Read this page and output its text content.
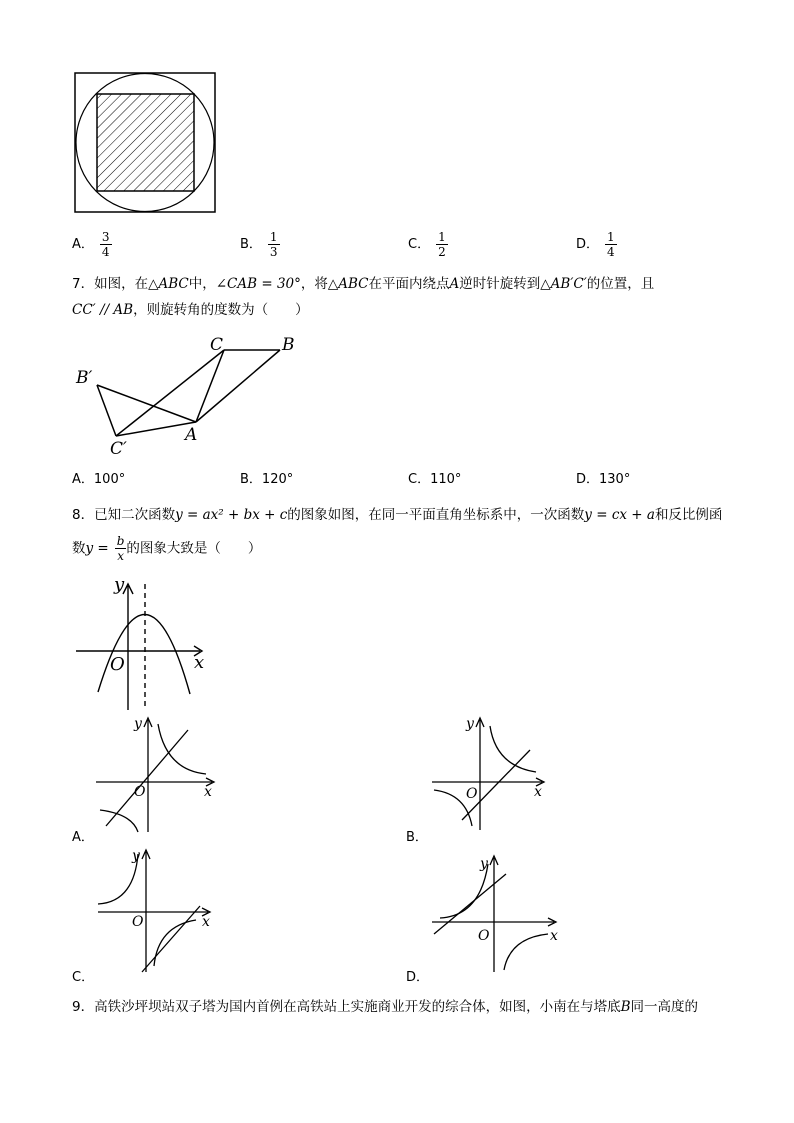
A． $\frac{3}{4}$	B． $\frac{1}{3}$	C． $\frac{1}{2}$	D． $\frac{1}{4}$
7．如图，在△ABC中，∠CAB = 30°，将△ABC在平面内绕点A逆时针旋转到△AB′C′的位置，且
CC′ // AB，则旋转角的度数为（　　）
C	B
B′
C′
A
A．100°	B．120°	C．110°	D．130°
8．已知二次函数y = ax² + bx + c的图象如图，在同一平面直角坐标系中，一次函数y = cx + a和反比例函
数$y = \frac{b}{x}$ 的图象大致是（　　）
y
x
O
y
x
O
A．
y
x
O
B．
y
x
O
C．
y
x
O
D．
9．高铁沙坪坝站双子塔为国内首例在高铁站上实施商业开发的综合体，如图，小南在与塔底B同一高度的
